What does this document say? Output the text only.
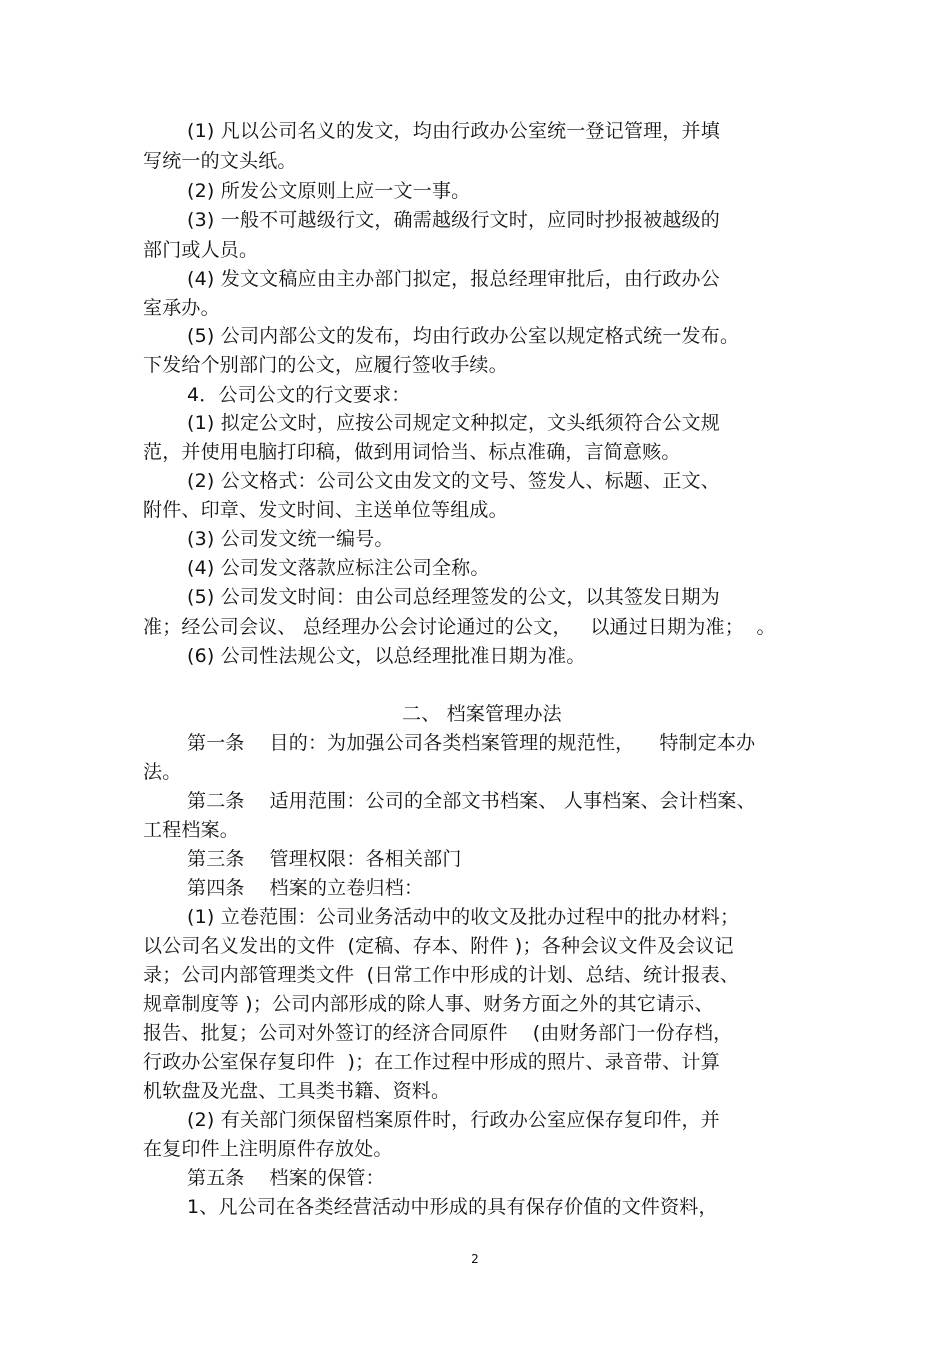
(1) 凡以公司名义的发文，均由行政办公室统一登记管理，并填
写统一的文头纸。
(2) 所发公文原则上应一文一事。
(3) 一般不可越级行文，确需越级行文时，应同时抄报被越级的
部门或人员。
(4) 发文文稿应由主办部门拟定，报总经理审批后，由行政办公
室承办。
(5) 公司内部公文的发布，均由行政办公室以规定格式统一发布。
下发给个别部门的公文，应履行签收手续。
4．公司公文的行文要求：
(1) 拟定公文时，应按公司规定文种拟定，文头纸须符合公文规
范，并使用电脑打印稿，做到用词恰当、标点准确，言简意赅。
(2) 公文格式：公司公文由发文的文号、签发人、标题、正文、
附件、印章、发文时间、主送单位等组成。
(3) 公司发文统一编号。
(4) 公司发文落款应标注公司全称。
(5) 公司发文时间：由公司总经理签发的公文，以其签发日期为
准；经公司会议、 总经理办公会讨论通过的公文，   以通过日期为准；  。
(6) 公司性法规公文，以总经理批准日期为准。
二、 档案管理办法
第一条    目的：为加强公司各类档案管理的规范性，    特制定本办
法。
第二条    适用范围：公司的全部文书档案、 人事档案、会计档案、
工程档案。
第三条    管理权限：各相关部门
第四条    档案的立卷归档：
(1) 立卷范围：公司业务活动中的收文及批办过程中的批办材料；
以公司名义发出的文件  (定稿、存本、附件 )；各种会议文件及会议记
录；公司内部管理类文件  (日常工作中形成的计划、总结、统计报表、
规章制度等 )；公司内部形成的除人事、财务方面之外的其它请示、
报告、批复；公司对外签订的经济合同原件    (由财务部门一份存档，
行政办公室保存复印件  )；在工作过程中形成的照片、录音带、计算
机软盘及光盘、工具类书籍、资料。
(2) 有关部门须保留档案原件时，行政办公室应保存复印件，并
在复印件上注明原件存放处。
第五条    档案的保管：
1、凡公司在各类经营活动中形成的具有保存价值的文件资料，
2
